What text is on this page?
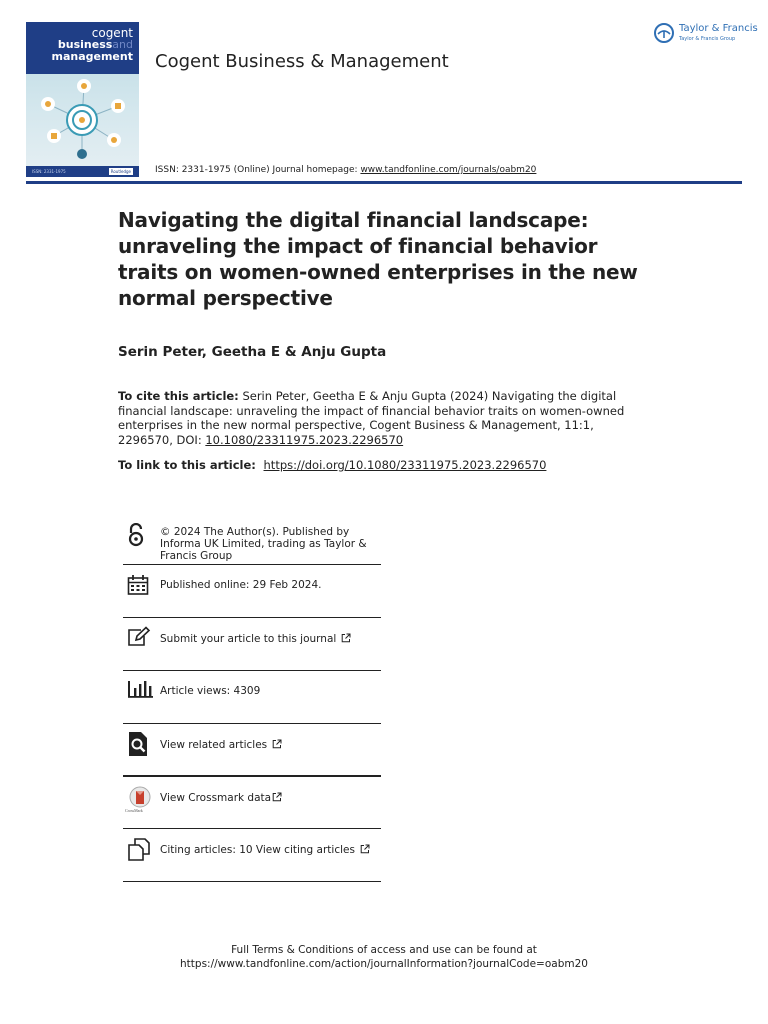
cogent
businessand
management
ISSN: 2331-1975	Routledge
Cogent Business & Management
Taylor & Francis
Taylor & Francis Group
ISSN: 2331-1975 (Online) Journal homepage: www.tandfonline.com/journals/oabm20
Navigating the digital financial landscape: unraveling the impact of financial behavior traits on women-owned enterprises in the new normal perspective
Serin Peter, Geetha E & Anju Gupta
To cite this article: Serin Peter, Geetha E & Anju Gupta (2024) Navigating the digital financial landscape: unraveling the impact of financial behavior traits on women-owned enterprises in the new normal perspective, Cogent Business & Management, 11:1, 2296570, DOI: 10.1080/23311975.2023.2296570
To link to this article: https://doi.org/10.1080/23311975.2023.2296570
© 2024 The Author(s). Published by Informa UK Limited, trading as Taylor & Francis Group
Published online: 29 Feb 2024.
Submit your article to this journal
Article views: 4309
View related articles
CrossMark
View Crossmark data
Citing articles: 10 View citing articles
Full Terms & Conditions of access and use can be found at
https://www.tandfonline.com/action/journalInformation?journalCode=oabm20
